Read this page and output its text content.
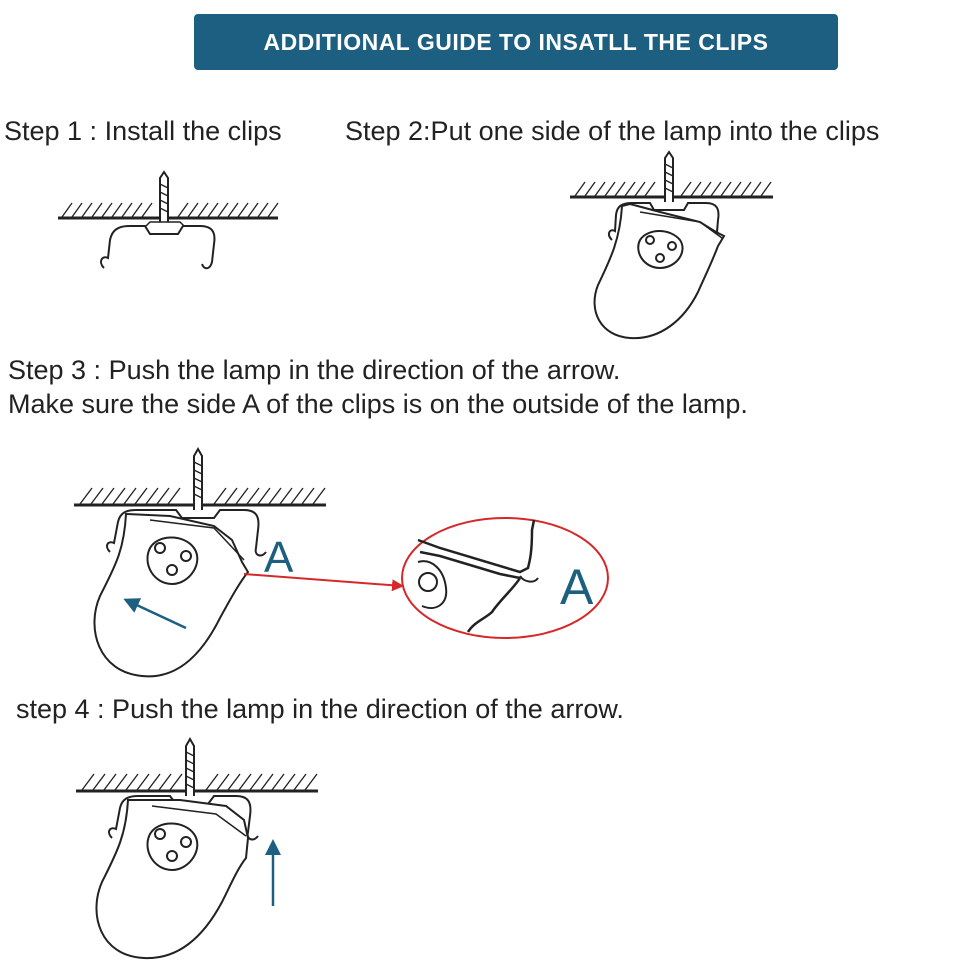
ADDITIONAL GUIDE TO INSATLL THE CLIPS
Step 1 : Install the clips Step 2:Put one side of the lamp into the clips
Step 3 : Push the lamp in the direction of the arrow.
Make sure the side A of the clips is on the outside of the lamp.
step 4 : Push the lamp in the direction of the arrow.
A
A
